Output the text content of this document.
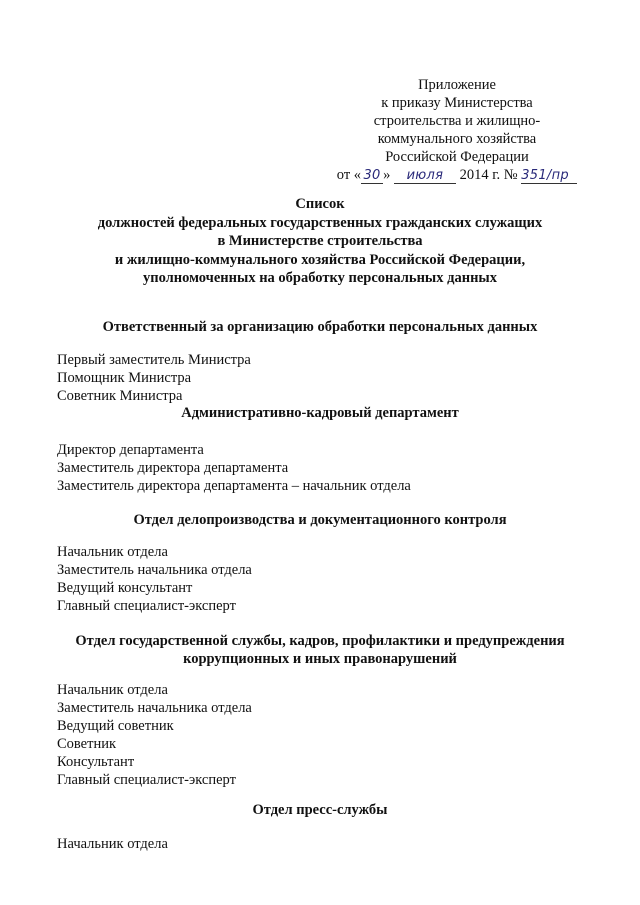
Приложение
к приказу Министерства
строительства и жилищно-
коммунального хозяйства
Российской Федерации
от « 30 » июля 2014 г. № 351/пр
Список
должностей федеральных государственных гражданских служащих
в Министерстве строительства
и жилищно-коммунального хозяйства Российской Федерации,
уполномоченных на обработку персональных данных
Ответственный за организацию обработки персональных данных
Первый заместитель Министра
Помощник Министра
Советник Министра
Административно-кадровый департамент
Директор департамента
Заместитель директора департамента
Заместитель директора департамента – начальник отдела
Отдел делопроизводства и документационного контроля
Начальник отдела
Заместитель начальника отдела
Ведущий консультант
Главный специалист-эксперт
Отдел государственной службы, кадров, профилактики и предупреждения
коррупционных и иных правонарушений
Начальник отдела
Заместитель начальника отдела
Ведущий советник
Советник
Консультант
Главный специалист-эксперт
Отдел пресс-службы
Начальник отдела
